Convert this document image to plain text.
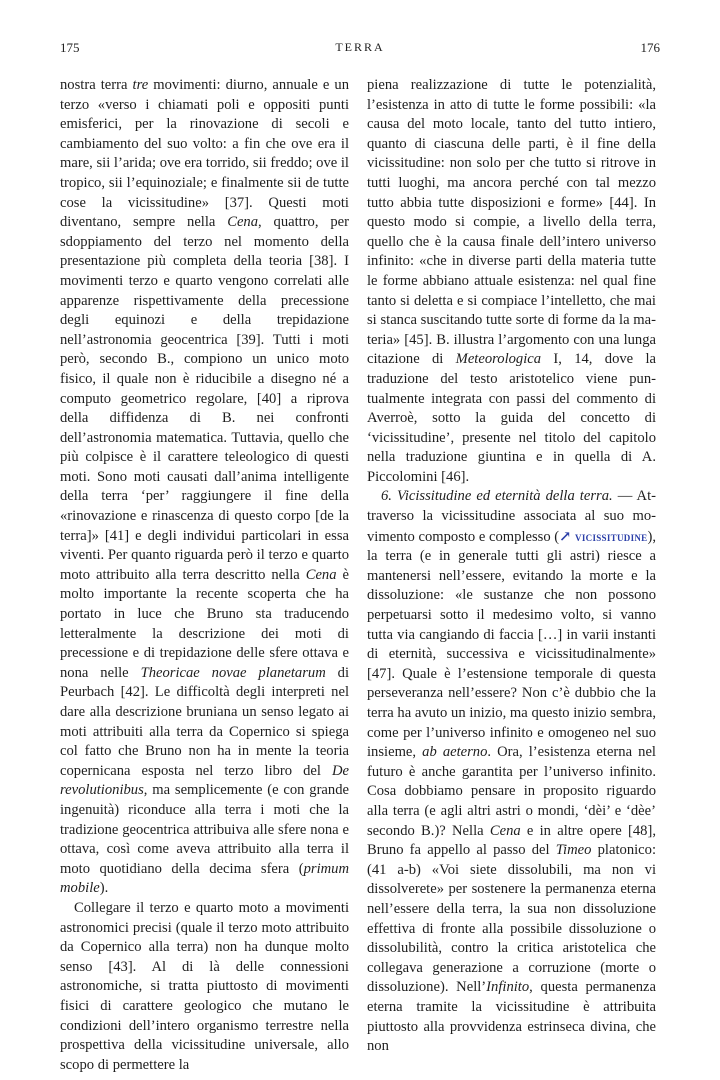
175	TERRA	176

nostra terra tre movimenti: diurno, annuale e un terzo «verso i chiamati poli e oppositi punti emisferici, per la rinovazione di secoli e cambiamento del suo volto: a fin che ove era il mare, sii l’arida; ove era torrido, sii freddo; ove il tropico, sii l’equinoziale; e finalmente sii de tutte cose la vicissitudine» [37]. Questi moti diventano, sempre nella Cena, quattro, per sdoppiamento del terzo nel momento della presentazione più completa della teoria [38]. I movimenti terzo e quarto vengono correlati alle apparenze rispettivamente della precessione degli equinozi e della trepidazione nell’astronomia geocentrica [39]. Tutti i moti però, secondo B., compiono un unico moto fisico, il quale non è riducibile a disegno né a computo geometrico regolare, [40] a riprova della diffidenza di B. nei confronti dell’astronomia matematica. Tuttavia, quello che più colpisce è il carattere teleologico di questi moti. Sono moti causati dall’anima intelligente della terra ‘per’ raggiungere il fine della «rinovazione e rinascenza di questo corpo [de la terra]» [41] e degli individui particolari in essa viventi. Per quanto riguarda però il terzo e quarto moto attribuito alla terra descritto nella Cena è molto importante la recente scoperta che ha portato in luce che Bruno sta traducendo letteralmente la descrizione dei moti di precessione e di trepidazione delle sfere ottava e nona nelle Theoricae novae planetarum di Peurbach [42]. Le difficoltà degli interpreti nel dare alla descrizione bruniana un senso legato ai moti attribuiti alla terra da Copernico si spiega col fatto che Bruno non ha in mente la teoria copernicana esposta nel terzo libro del De revolutionibus, ma semplicemente (e con grande ingenuità) riconduce alla terra i moti che la tradizione geocentrica attribuiva alle sfere nona e ottava, così come aveva attribuito alla terra il moto quotidiano della decima sfera (primum mobile).

Collegare il terzo e quarto moto a movimenti astronomici precisi (quale il terzo moto attribuito da Copernico alla terra) non ha dunque molto senso [43]. Al di là delle connessioni astronomiche, si tratta piuttosto di movimenti fisici di carattere geologico che mutano le condizioni dell’intero organismo terrestre nella prospettiva della vicissitudine universale, allo scopo di permettere la

piena realizzazione di tutte le potenzialità, l’esistenza in atto di tutte le forme possibili: «la causa del moto locale, tanto del tutto intiero, quanto di ciascuna delle parti, è il fine della vicissitudine: non solo per che tutto si ritrove in tutti luoghi, ma ancora perché con tal mezzo tutto abbia tutte disposizioni e forme» [44]. In questo modo si compie, a livello della terra, quello che è la causa finale dell’intero universo infinito: «che in diverse parti della materia tutte le forme abbiano attuale esistenza: nel qual fine tanto si deletta e si compiace l’intelletto, che mai si stanca suscitando tutte sorte di forme da la materia» [45]. B. illustra l’argomento con una lunga citazione di Meteorologica I, 14, dove la traduzione del testo aristotelico viene puntualmente integrata con passi del commento di Averroè, sotto la guida del concetto di ‘vicissitudine’, presente nel titolo del capitolo nella traduzione giuntina e in quella di A. Piccolomini [46].

6. Vicissitudine ed eternità della terra. — Attraverso la vicissitudine associata al suo movimento composto e complesso (↗ vicissitudine), la terra (e in generale tutti gli astri) riesce a mantenersi nell’essere, evitando la morte e la dissoluzione: «le sustanze che non possono perpetuarsi sotto il medesimo volto, si vanno tutta via cangiando di faccia […] in varii instanti di eternità, successiva e vicissitudinalmente» [47]. Quale è l’estensione temporale di questa perseveranza nell’essere? Non c’è dubbio che la terra ha avuto un inizio, ma questo inizio sembra, come per l’universo infinito e omogeneo nel suo insieme, ab aeterno. Ora, l’esistenza eterna nel futuro è anche garantita per l’universo infinito. Cosa dobbiamo pensare in proposito riguardo alla terra (e agli altri astri o mondi, ‘dèi’ e ‘dèe’ secondo B.)? Nella Cena e in altre opere [48], Bruno fa appello al passo del Timeo platonico: (41 a-b) «Voi siete dissolubili, ma non vi dissolverete» per sostenere la permanenza eterna nell’essere della terra, la sua non dissoluzione effettiva di fronte alla possibile dissoluzione o dissolubilità, contro la critica aristotelica che collegava generazione a corruzione (morte o dissoluzione). Nell’Infinito, questa permanenza eterna tramite la vicissitudine è attribuita piuttosto alla provvidenza estrinseca divina, che non
